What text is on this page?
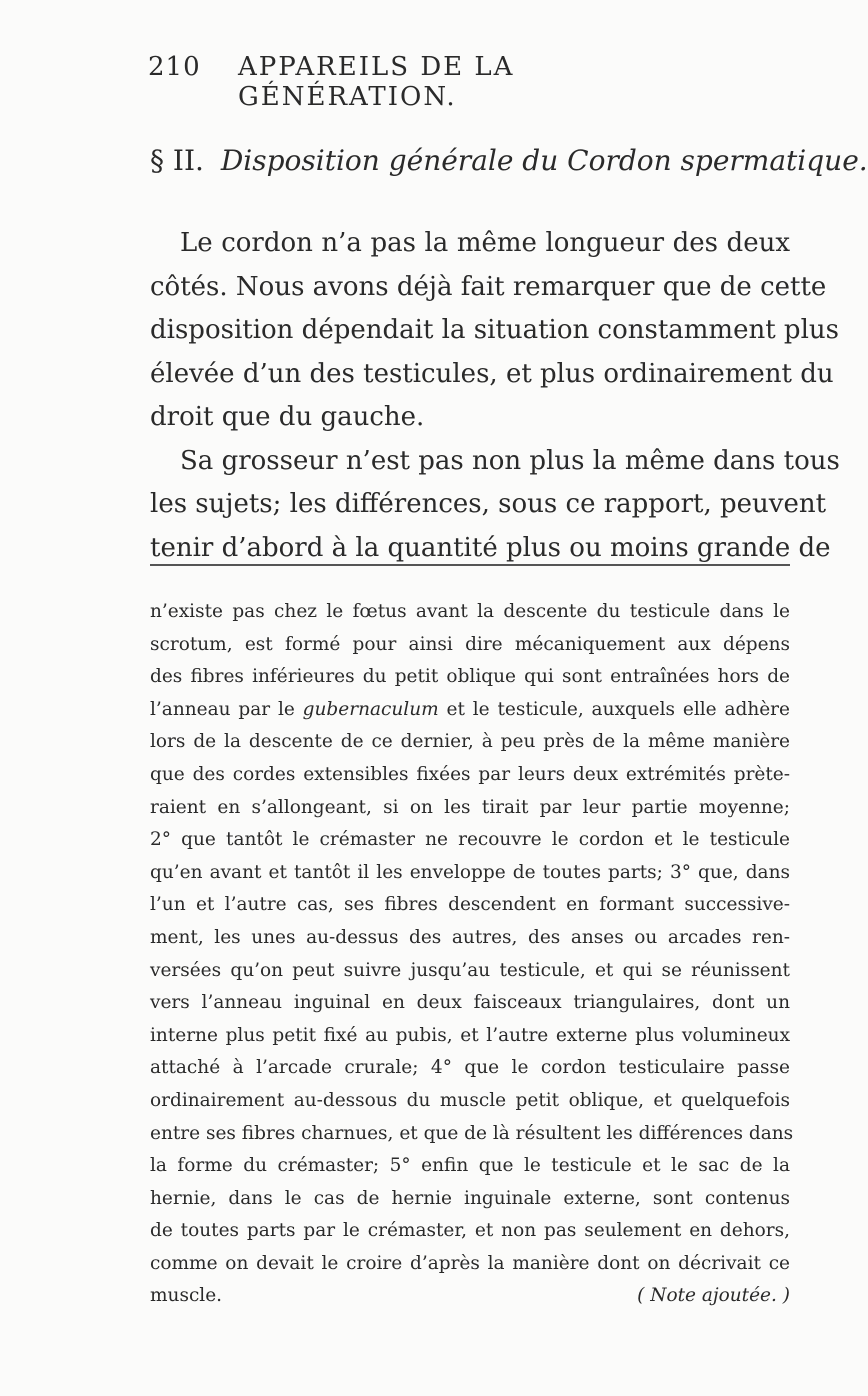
210 APPAREILS DE LA GÉNÉRATION.
§ II. Disposition générale du Cordon spermatique.

Le cordon n’a pas la même longueur des deux
côtés. Nous avons déjà fait remarquer que de cette
disposition dépendait la situation constamment plus
élevée d’un des testicules, et plus ordinairement du
droit que du gauche.
Sa grosseur n’est pas non plus la même dans tous
les sujets; les différences, sous ce rapport, peuvent
tenir d’abord à la quantité plus ou moins grande de

n’existe pas chez le fœtus avant la descente du testicule dans le
scrotum, est formé pour ainsi dire mécaniquement aux dépens
des fibres inférieures du petit oblique qui sont entraînées hors de
l’anneau par le gubernaculum et le testicule, auxquels elle adhère
lors de la descente de ce dernier, à peu près de la même manière
que des cordes extensibles fixées par leurs deux extrémités prète-
raient en s’allongeant, si on les tirait par leur partie moyenne;
2° que tantôt le crémaster ne recouvre le cordon et le testicule
qu’en avant et tantôt il les enveloppe de toutes parts; 3° que, dans
l’un et l’autre cas, ses fibres descendent en formant successive-
ment, les unes au-dessus des autres, des anses ou arcades ren-
versées qu’on peut suivre jusqu’au testicule, et qui se réunissent
vers l’anneau inguinal en deux faisceaux triangulaires, dont un
interne plus petit fixé au pubis, et l’autre externe plus volumineux
attaché à l’arcade crurale; 4° que le cordon testiculaire passe
ordinairement au-dessous du muscle petit oblique, et quelquefois
entre ses fibres charnues, et que de là résultent les différences dans
la forme du crémaster; 5° enfin que le testicule et le sac de la
hernie, dans le cas de hernie inguinale externe, sont contenus
de toutes parts par le crémaster, et non pas seulement en dehors,
comme on devait le croire d’après la manière dont on décrivait ce
muscle.	( Note ajoutée. )
